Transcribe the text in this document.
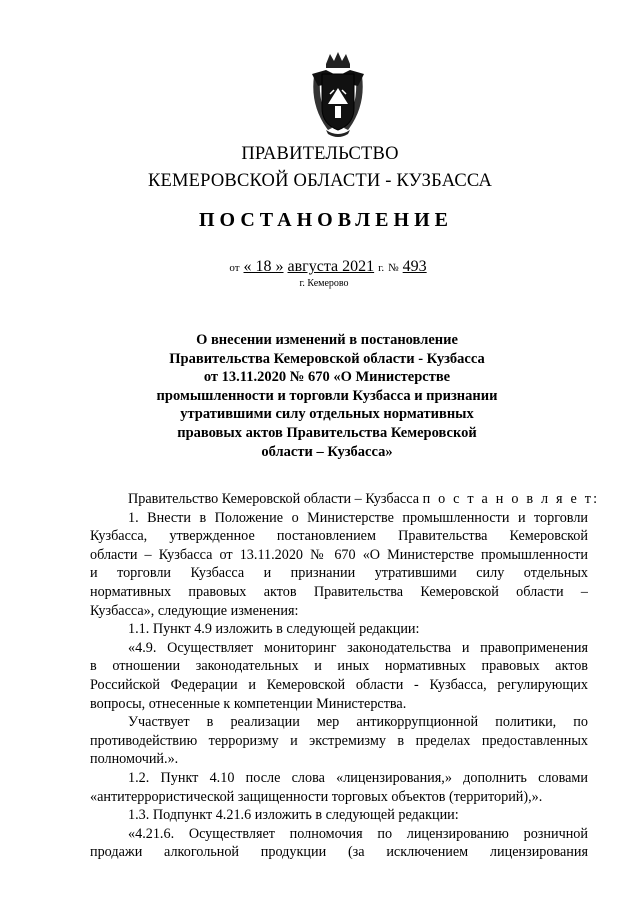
ПРАВИТЕЛЬСТВО
КЕМЕРОВСКОЙ ОБЛАСТИ - КУЗБАССА
ПОСТАНОВЛЕНИЕ
от « 18 » августа 2021 г. № 493
г. Кемерово
О внесении изменений в постановление
Правительства Кемеровской области - Кузбасса
от 13.11.2020 № 670 «О Министерстве
промышленности и торговли Кузбасса и признании
утратившими силу отдельных нормативных
правовых актов Правительства Кемеровской
области – Кузбасса»
Правительство Кемеровской области – Кузбасса п о с т а н о в л я е т:
1. Внести в Положение о Министерстве промышленности и торговли
Кузбасса, утвержденное постановлением Правительства Кемеровской
области – Кузбасса от 13.11.2020 № 670 «О Министерстве промышленности
и торговли Кузбасса и признании утратившими силу отдельных
нормативных правовых актов Правительства Кемеровской области –
Кузбасса», следующие изменения:
1.1. Пункт 4.9 изложить в следующей редакции:
«4.9. Осуществляет мониторинг законодательства и правоприменения
в отношении законодательных и иных нормативных правовых актов
Российской Федерации и Кемеровской области - Кузбасса, регулирующих
вопросы, отнесенные к компетенции Министерства.
Участвует в реализации мер антикоррупционной политики, по
противодействию терроризму и экстремизму в пределах предоставленных
полномочий.».
1.2. Пункт 4.10 после слова «лицензирования,» дополнить словами
«антитеррористической защищенности торговых объектов (территорий),».
1.3. Подпункт 4.21.6 изложить в следующей редакции:
«4.21.6. Осуществляет полномочия по лицензированию розничной
продажи алкогольной продукции (за исключением лицензирования
